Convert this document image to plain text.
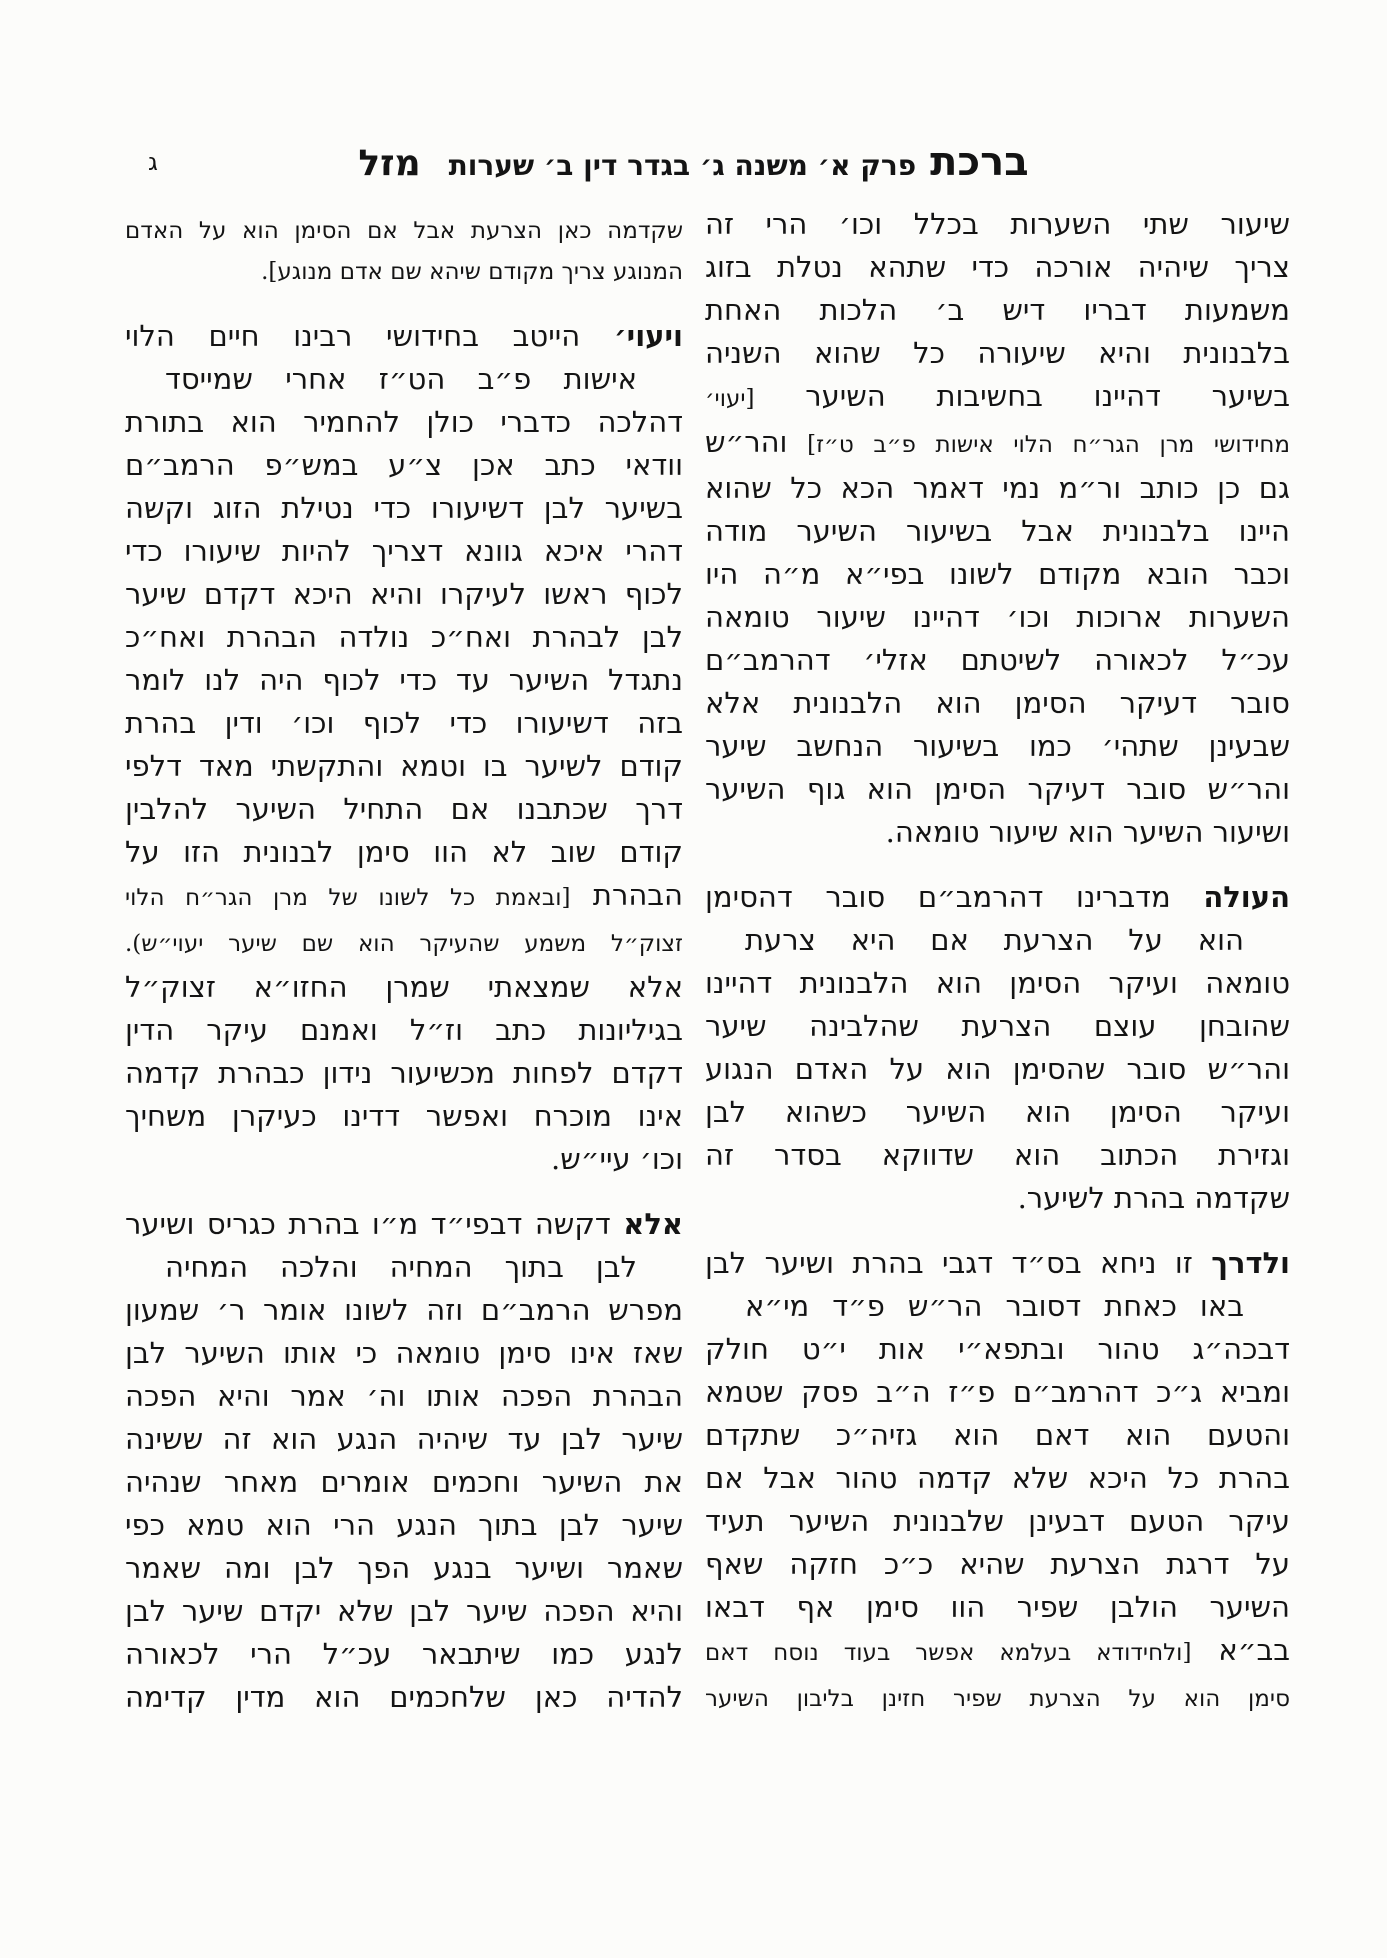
ג	ברכתפרק א׳ משנה ג׳ בגדר דין ב׳ שערותמזל
שיעור שתי השערות בכלל וכו׳ הרי זה
צריך שיהיה אורכה כדי שתהא נטלת בזוג
משמעות דבריו דיש ב׳ הלכות האחת
בלבנונית והיא שיעורה כל שהוא השניה
בשיער דהיינו בחשיבות השיער [יעוי׳
מחידושי מרן הגר״ח הלוי אישות פ״ב ט״ז] והר״ש
גם כן כותב ור״מ נמי דאמר הכא כל שהוא
היינו בלבנונית אבל בשיעור השיער מודה
וכבר הובא מקודם לשונו בפי״א מ״ה היו
השערות ארוכות וכו׳ דהיינו שיעור טומאה
עכ״ל לכאורה לשיטתם אזלי׳ דהרמב״ם
סובר דעיקר הסימן הוא הלבנונית אלא
שבעינן שתהי׳ כמו בשיעור הנחשב שיער
והר״ש סובר דעיקר הסימן הוא גוף השיער
ושיעור השיער הוא שיעור טומאה.
העולה מדברינו דהרמב״ם סובר דהסימן
הוא על הצרעת אם היא צרעת
טומאה ועיקר הסימן הוא הלבנונית דהיינו
שהובחן עוצם הצרעת שהלבינה שיער
והר״ש סובר שהסימן הוא על האדם הנגוע
ועיקר הסימן הוא השיער כשהוא לבן
וגזירת הכתוב הוא שדווקא בסדר זה
שקדמה בהרת לשיער.
ולדרך זו ניחא בס״ד דגבי בהרת ושיער לבן
באו כאחת דסובר הר״ש פ״ד מי״א
דבכה״ג טהור ובתפא״י אות י״ט חולק
ומביא ג״כ דהרמב״ם פ״ז ה״ב פסק שטמא
והטעם הוא דאם הוא גזיה״כ שתקדם
בהרת כל היכא שלא קדמה טהור אבל אם
עיקר הטעם דבעינן שלבנונית השיער תעיד
על דרגת הצרעת שהיא כ״כ חזקה שאף
השיער הולבן שפיר הוו סימן אף דבאו
בב״א [ולחידודא בעלמא אפשר בעוד נוסח דאם
סימן הוא על הצרעת שפיר חזינן בליבון השיער
שקדמה כאן הצרעת אבל אם הסימן הוא על האדם
המנוגע צריך מקודם שיהא שם אדם מנוגע].
ויעוי׳ הייטב בחידושי רבינו חיים הלוי
אישות פ״ב הט״ז אחרי שמייסד
דהלכה כדברי כולן להחמיר הוא בתורת
וודאי כתב אכן צ״ע במש״פ הרמב״ם
בשיער לבן דשיעורו כדי נטילת הזוג וקשה
דהרי איכא גוונא דצריך להיות שיעורו כדי
לכוף ראשו לעיקרו והיא היכא דקדם שיער
לבן לבהרת ואח״כ נולדה הבהרת ואח״כ
נתגדל השיער עד כדי לכוף היה לנו לומר
בזה דשיעורו כדי לכוף וכו׳ ודין בהרת
קודם לשיער בו וטמא והתקשתי מאד דלפי
דרך שכתבנו אם התחיל השיער להלבין
קודם שוב לא הוו סימן לבנונית הזו על
הבהרת [ובאמת כל לשונו של מרן הגר״ח הלוי
זצוק״ל משמע שהעיקר הוא שם שיער יעוי״ש).
אלא שמצאתי שמרן החזו״א זצוק״ל
בגיליונות כתב וז״ל ואמנם עיקר הדין
דקדם לפחות מכשיעור נידון כבהרת קדמה
אינו מוכרח ואפשר דדינו כעיקרן משחיך
וכו׳ עיי״ש.
אלא דקשה דבפי״ד מ״ו בהרת כגריס ושיער
לבן בתוך המחיה והלכה המחיה
מפרש הרמב״ם וזה לשונו אומר ר׳ שמעון
שאז אינו סימן טומאה כי אותו השיער לבן
הבהרת הפכה אותו וה׳ אמר והיא הפכה
שיער לבן עד שיהיה הנגע הוא זה ששינה
את השיער וחכמים אומרים מאחר שנהיה
שיער לבן בתוך הנגע הרי הוא טמא כפי
שאמר ושיער בנגע הפך לבן ומה שאמר
והיא הפכה שיער לבן שלא יקדם שיער לבן
לנגע כמו שיתבאר עכ״ל הרי לכאורה
להדיה כאן שלחכמים הוא מדין קדימה
